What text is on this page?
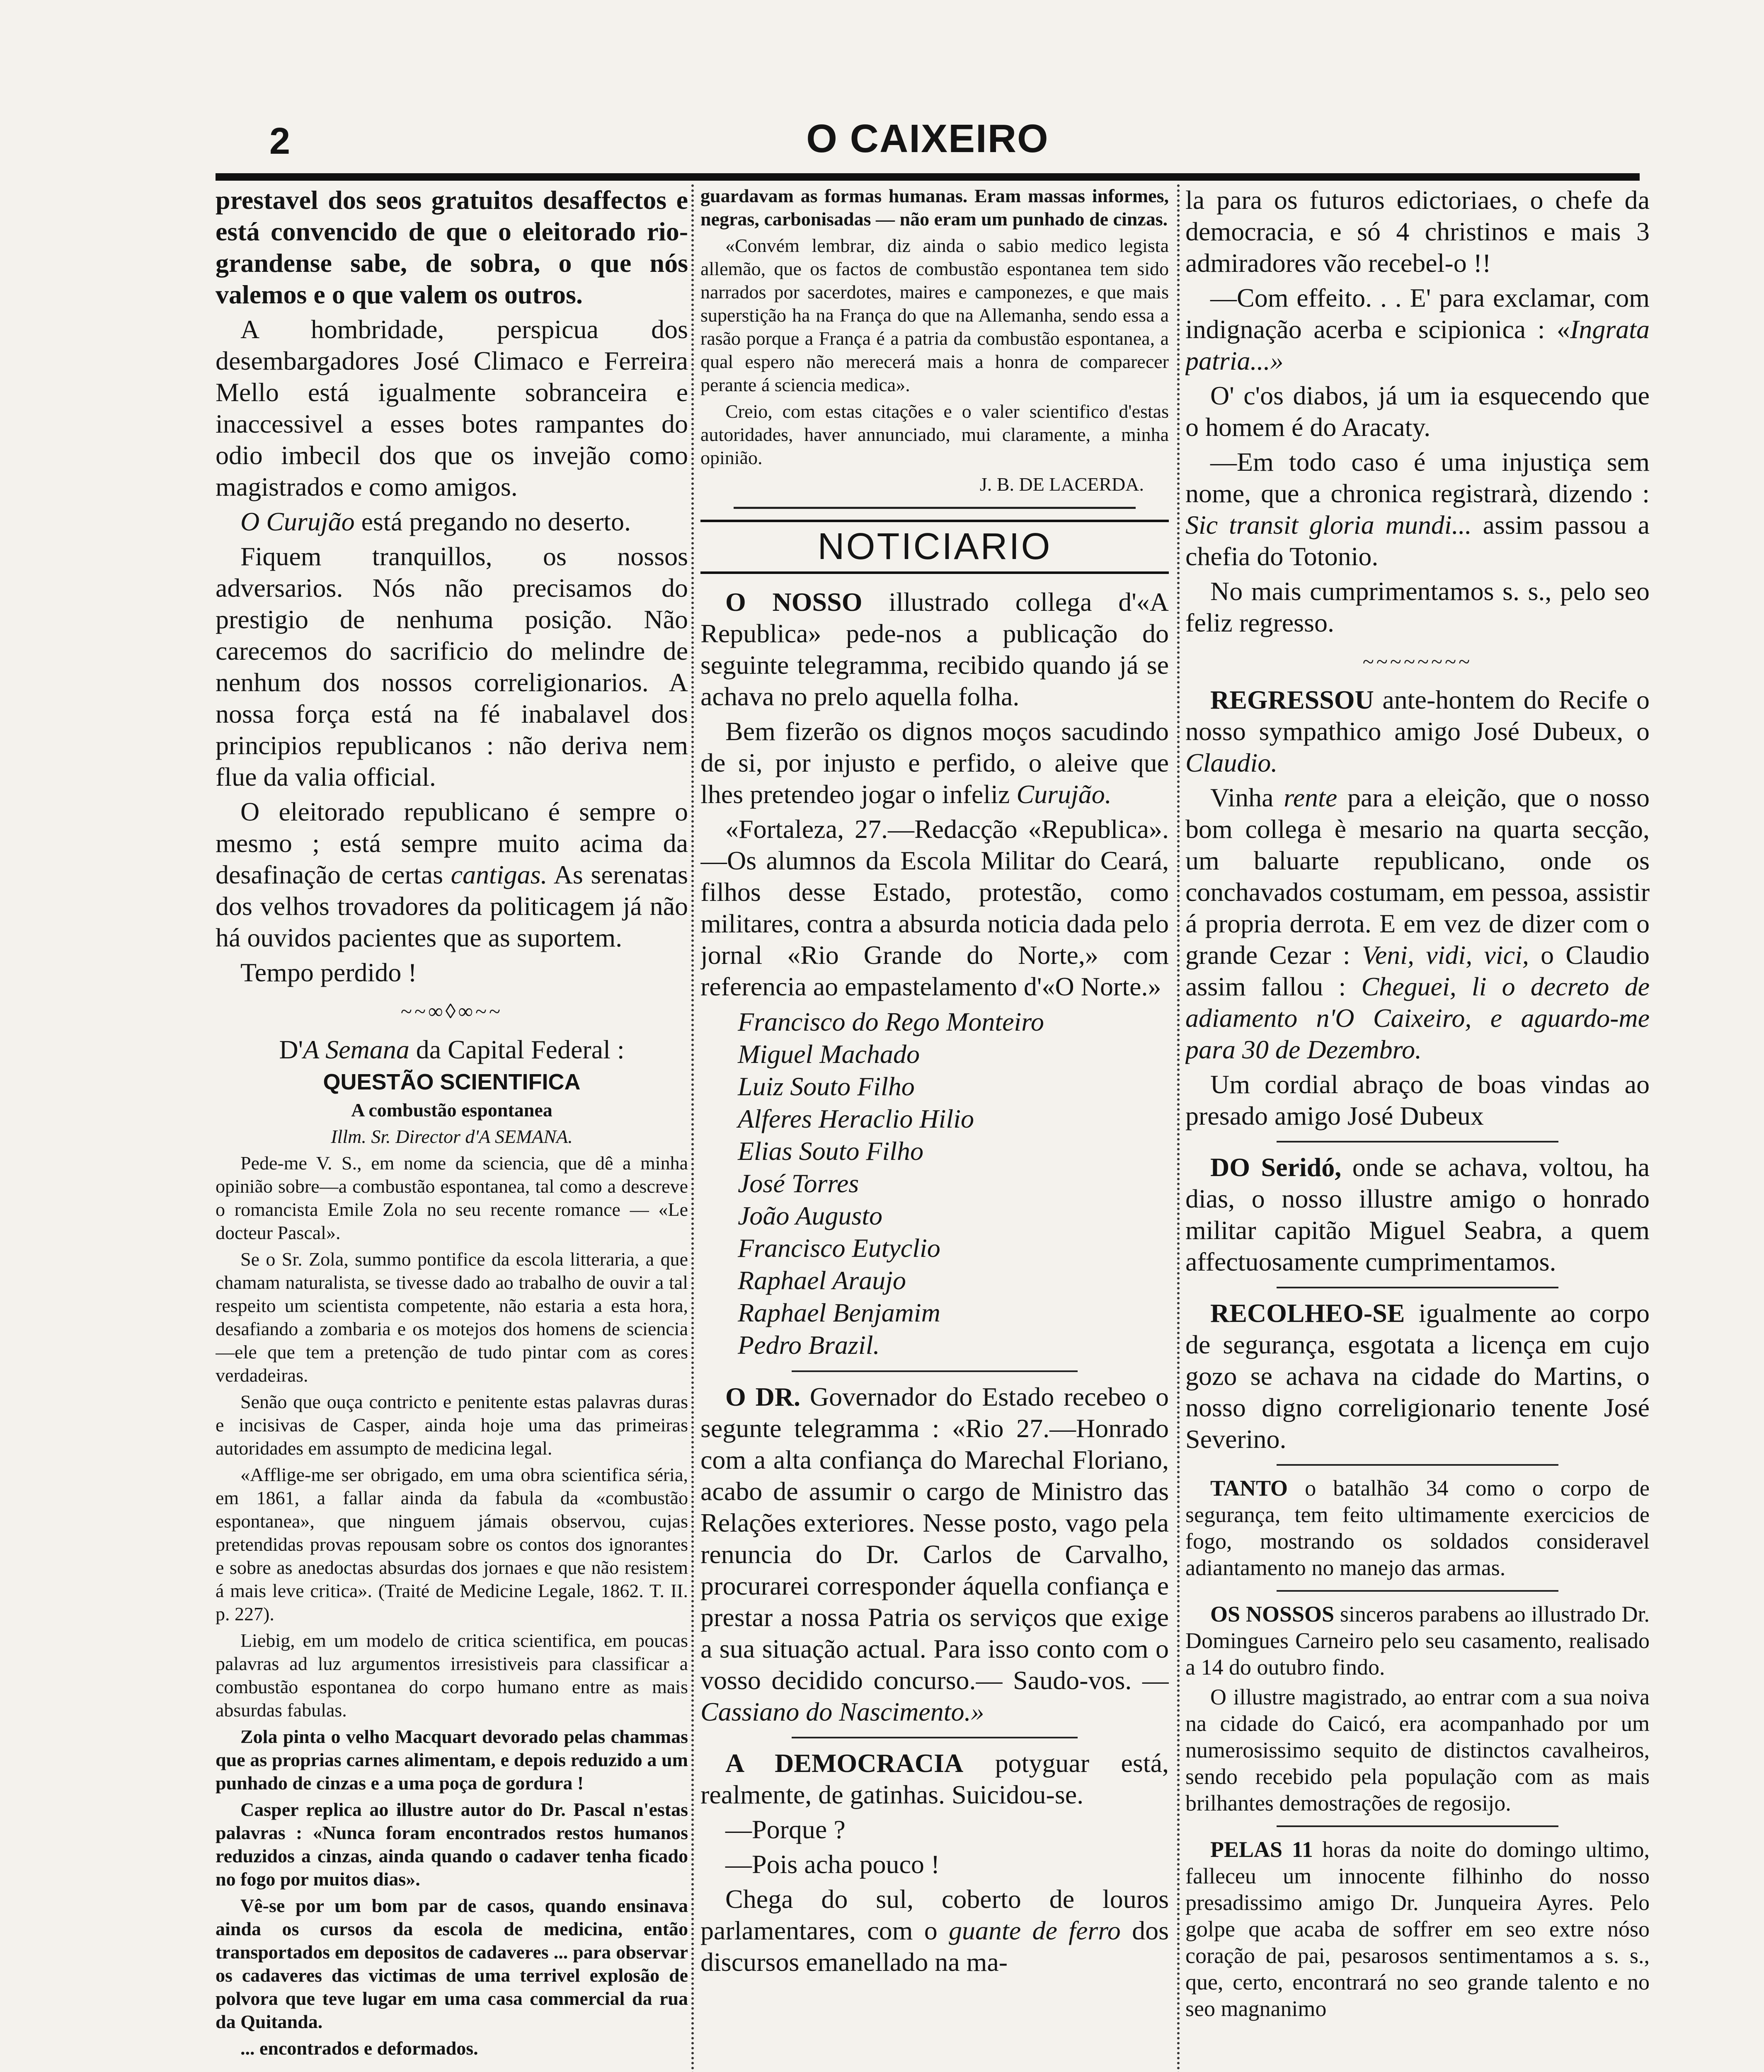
2	O CAIXEIRO

prestavel dos seos gratuitos desaffectos e está convencido de que o eleitorado rio-grandense sabe, de sobra, o que nós valemos e o que valem os outros.

A hombridade, perspicua dos desembargadores José Climaco e Ferreira Mello está igualmente sobranceira e inaccessivel a esses botes rampantes do odio imbecil dos que os invejão como magistrados e como amigos.

O Curujão está pregando no deserto.

Fiquem tranquillos, os nossos adversarios. Nós não precisamos do prestigio de nenhuma posição. Não carecemos do sacrificio do melindre de nenhum dos nossos correligionarios. A nossa força está na fé inabalavel dos principios republicanos : não deriva nem flue da valia official.

O eleitorado republicano é sempre o mesmo ; está sempre muito acima da desafinação de certas cantigas. As serenatas dos velhos trovadores da politicagem já não há ouvidos pacientes que as suportem.

Tempo perdido !

~~∞◊∞~~

D'A Semana da Capital Federal :

QUESTÃO SCIENTIFICA

A combustão espontanea

Illm. Sr. Director d'A SEMANA.

Pede-me V. S., em nome da sciencia, que dê a minha opinião sobre—a combustão espontanea, tal como a descreve o romancista Emile Zola no seu recente romance — «Le docteur Pascal».

Se o Sr. Zola, summo pontifice da escola litteraria, a que chamam naturalista, se tivesse dado ao trabalho de ouvir a tal respeito um scientista competente, não estaria a esta hora, desafiando a zombaria e os motejos dos homens de sciencia—ele que tem a pretenção de tudo pintar com as cores verdadeiras.

Senão que ouça contricto e penitente estas palavras duras e incisivas de Casper, ainda hoje uma das primeiras autoridades em assumpto de medicina legal.

«Afflige-me ser obrigado, em uma obra scientifica séria, em 1861, a fallar ainda da fabula da «combustão espontanea», que ninguem jámais observou, cujas pretendidas provas repousam sobre os contos dos ignorantes e sobre as anedoctas absurdas dos jornaes e que não resistem á mais leve critica». (Traité de Medicine Legale, 1862. T. II. p. 227).

Liebig, em um modelo de critica scientifica, em poucas palavras ad luz argumentos irresistiveis para classificar a combustão espontanea do corpo humano entre as mais absurdas fabulas.

Zola pinta o velho Macquart devorado pelas chammas que as proprias carnes alimentam, e depois reduzido a um punhado de cinzas e a uma poça de gordura !

Casper replica ao illustre autor do Dr. Pascal n'estas palavras : «Nunca foram encontrados restos humanos reduzidos a cinzas, ainda quando o cadaver tenha ficado no fogo por muitos dias».

Vê-se por um bom par de casos, quando ensinava ainda os cursos da escola de medicina, então transportados em depositos de cadaveres ... para observar os cadaveres das victimas de uma terrivel explosão de polvora que teve lugar em uma casa commercial da rua da Quitanda.

... encontrados e deformados.

guardavam as formas humanas. Eram massas informes, negras, carbonisadas — não eram um punhado de cinzas.

«Convém lembrar, diz ainda o sabio medico legista allemão, que os factos de combustão espontanea tem sido narrados por sacerdotes, maires e camponezes, e que mais superstição ha na França do que na Allemanha, sendo essa a rasão porque a França é a patria da combustão espontanea, a qual espero não merecerá mais a honra de comparecer perante á sciencia medica».

Creio, com estas citações e o valer scientifico d'estas autoridades, haver annunciado, mui claramente, a minha opinião.

J. B. DE LACERDA.

NOTICIARIO

O NOSSO illustrado collega d'«A Republica» pede-nos a publicação do seguinte telegramma, recibido quando já se achava no prelo aquella folha.

Bem fizerão os dignos moços sacudindo de si, por injusto e perfido, o aleive que lhes pretendeo jogar o infeliz Curujão.

«Fortaleza, 27.—Redacção «Republica».—Os alumnos da Escola Militar do Ceará, filhos desse Estado, protestão, como militares, contra a absurda noticia dada pelo jornal «Rio Grande do Norte,» com referencia ao empastelamento d'«O Norte.»

Francisco do Rego Monteiro
Miguel Machado
Luiz Souto Filho
Alferes Heraclio Hilio
Elias Souto Filho
José Torres
João Augusto
Francisco Eutyclio
Raphael Araujo
Raphael Benjamim
Pedro Brazil.

O DR. Governador do Estado recebeo o segunte telegramma : «Rio 27.—Honrado com a alta confiança do Marechal Floriano, acabo de assumir o cargo de Ministro das Relações exteriores. Nesse posto, vago pela renuncia do Dr. Carlos de Carvalho, procurarei corresponder áquella confiança e prestar a nossa Patria os serviços que exige a sua situação actual. Para isso conto com o vosso decidido concurso.— Saudo-vos. — Cassiano do Nascimento.»

A DEMOCRACIA potyguar está, realmente, de gatinhas. Suicidou-se.

—Porque ?

—Pois acha pouco !

Chega do sul, coberto de louros parlamentares, com o guante de ferro dos discursos emanellado na ma-

la para os futuros edictoriaes, o chefe da democracia, e só 4 christinos e mais 3 admiradores vão recebel-o !!

—Com effeito. . . E' para exclamar, com indignação acerba e scipionica : «Ingrata patria...»

O' c'os diabos, já um ia esquecendo que o homem é do Aracaty.

—Em todo caso é uma injustiça sem nome, que a chronica registrarà, dizendo : Sic transit gloria mundi... assim passou a chefia do Totonio.

No mais cumprimentamos s. s., pelo seo feliz regresso.

~~~~~~~~

REGRESSOU ante-hontem do Recife o nosso sympathico amigo José Dubeux, o Claudio.

Vinha rente para a eleição, que o nosso bom collega è mesario na quarta secção, um baluarte republicano, onde os conchavados costumam, em pessoa, assistir á propria derrota. E em vez de dizer com o grande Cezar : Veni, vidi, vici, o Claudio assim fallou : Cheguei, li o decreto de adiamento n'O Caixeiro, e aguardo-me para 30 de Dezembro.

Um cordial abraço de boas vindas ao presado amigo José Dubeux

DO Seridó, onde se achava, voltou, ha dias, o nosso illustre amigo o honrado militar capitão Miguel Seabra, a quem affectuosamente cumprimentamos.

RECOLHEO-SE igualmente ao corpo de segurança, esgotata a licença em cujo gozo se achava na cidade do Martins, o nosso digno correligionario tenente José Severino.

TANTO o batalhão 34 como o corpo de segurança, tem feito ultimamente exercicios de fogo, mostrando os soldados consideravel adiantamento no manejo das armas.

OS NOSSOS sinceros parabens ao illustrado Dr. Domingues Carneiro pelo seu casamento, realisado a 14 do outubro findo.

O illustre magistrado, ao entrar com a sua noiva na cidade do Caicó, era acompanhado por um numerosissimo sequito de distinctos cavalheiros, sendo recebido pela população com as mais brilhantes demostrações de regosijo.

PELAS 11 horas da noite do domingo ultimo, falleceu um innocente filhinho do nosso presadissimo amigo Dr. Junqueira Ayres. Pelo golpe que acaba de soffrer em seo extre nóso coração de pai, pesarosos sentimentamos a s. s., que, certo, encontrará no seo grande talento e no seo magnanimo
